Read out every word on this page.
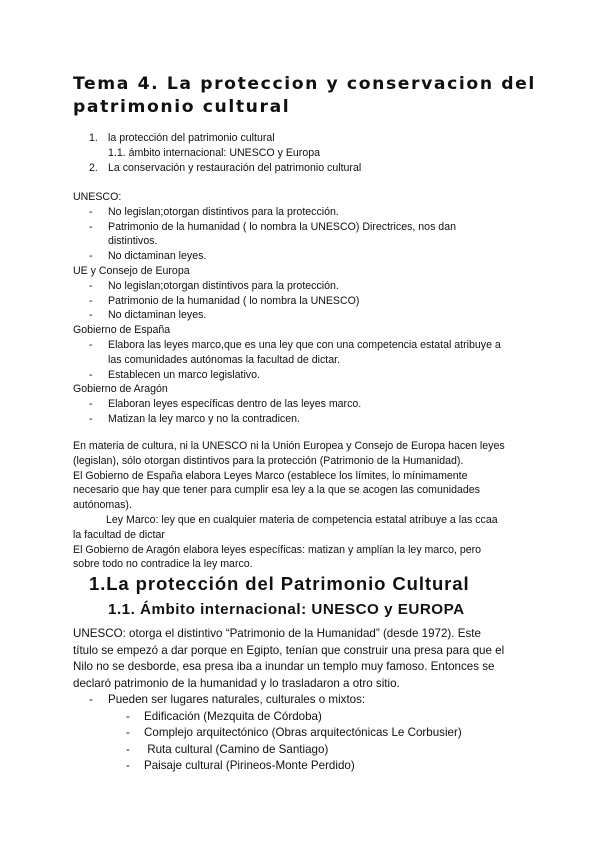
Tema 4. La proteccion y conservacion del patrimonio cultural
1. la protección del patrimonio cultural
1.1. ámbito internacional: UNESCO y Europa
2. La conservación y restauración del patrimonio cultural
UNESCO:
- No legislan;otorgan distintivos para la protección.
- Patrimonio de la humanidad ( lo nombra la UNESCO) Directrices, nos dan
distintivos.
- No dictaminan leyes.
UE y Consejo de Europa
- No legislan;otorgan distintivos para la protección.
- Patrimonio de la humanidad ( lo nombra la UNESCO)
- No dictaminan leyes.
Gobierno de España
- Elabora las leyes marco,que es una ley que con una competencia estatal atribuye a
las comunidades autónomas la facultad de dictar.
- Establecen un marco legislativo.
Gobierno de Aragón
- Elaboran leyes específicas dentro de las leyes marco.
- Matizan la ley marco y no la contradicen.

En materia de cultura, ni la UNESCO ni la Unión Europea y Consejo de Europa hacen leyes

(legislan), sólo otorgan distintivos para la protección (Patrimonio de la Humanidad).

El Gobierno de España elabora Leyes Marco (establece los límites, lo mínimamente

necesario que hay que tener para cumplir esa ley a la que se acogen las comunidades

autónomas).

Ley Marco: ley que en cualquier materia de competencia estatal atribuye a las ccaa

la facultad de dictar

El Gobierno de Aragón elabora leyes específicas: matizan y amplían la ley marco, pero

sobre todo no contradice la ley marco.

1.La protección del Patrimonio Cultural
1.1. Ámbito internacional: UNESCO y EUROPA

UNESCO: otorga el distintivo “Patrimonio de la Humanidad” (desde 1972). Este

título se empezó a dar porque en Egipto, tenían que construir una presa para que el

Nilo no se desborde, esa presa iba a inundar un templo muy famoso. Entonces se

declaró patrimonio de la humanidad y lo trasladaron a otro sitio.

- Pueden ser lugares naturales, culturales o mixtos:
- Edificación (Mezquita de Córdoba)
- Complejo arquitectónico (Obras arquitectónicas Le Corbusier)
- Ruta cultural (Camino de Santiago)
- Paisaje cultural (Pirineos-Monte Perdido)
